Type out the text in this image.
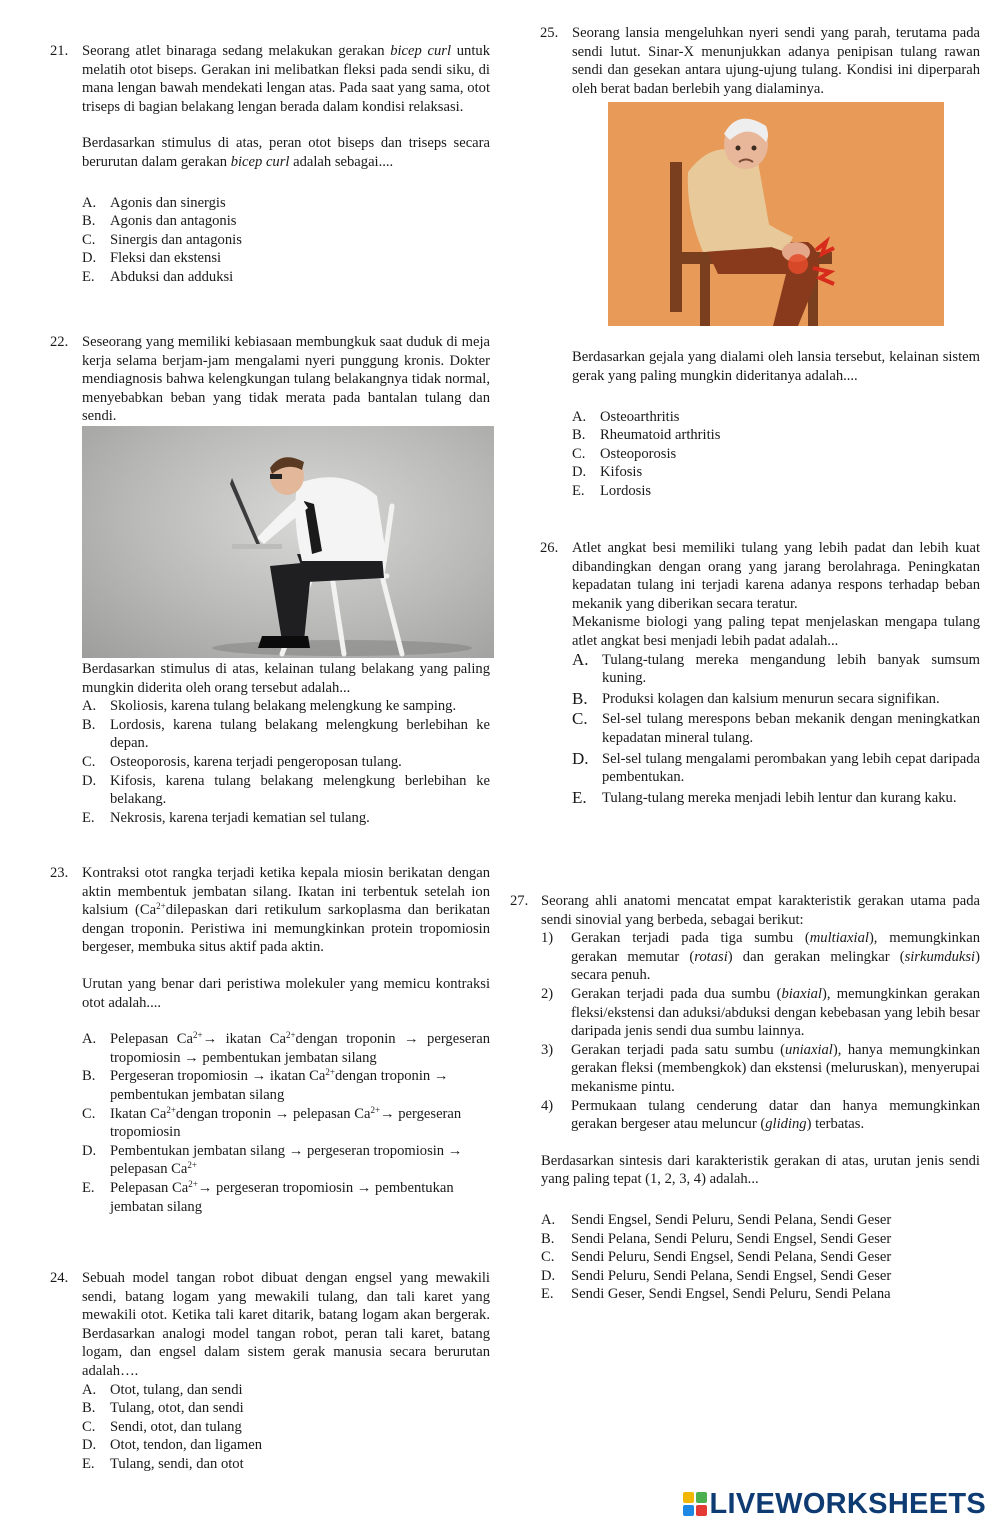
21. Seorang atlet binaraga sedang melakukan gerakan bicep curl untuk melatih otot biseps. Gerakan ini melibatkan fleksi pada sendi siku, di mana lengan bawah mendekati lengan atas. Pada saat yang sama, otot triseps di bagian belakang lengan berada dalam kondisi relaksasi.
Berdasarkan stimulus di atas, peran otot biseps dan triseps secara berurutan dalam gerakan bicep curl adalah sebagai....
A. Agonis dan sinergis
B. Agonis dan antagonis
C. Sinergis dan antagonis
D. Fleksi dan ekstensi
E. Abduksi dan adduksi
22. Seseorang yang memiliki kebiasaan membungkuk saat duduk di meja kerja selama berjam-jam mengalami nyeri punggung kronis. Dokter mendiagnosis bahwa kelengkungan tulang belakangnya tidak normal, menyebabkan beban yang tidak merata pada bantalan tulang dan sendi.
Berdasarkan stimulus di atas, kelainan tulang belakang yang paling mungkin diderita oleh orang tersebut adalah...
A. Skoliosis, karena tulang belakang melengkung ke samping.
B. Lordosis, karena tulang belakang melengkung berlebihan ke depan.
C. Osteoporosis, karena terjadi pengeroposan tulang.
D. Kifosis, karena tulang belakang melengkung berlebihan ke belakang.
E. Nekrosis, karena terjadi kematian sel tulang.
23. Kontraksi otot rangka terjadi ketika kepala miosin berikatan dengan aktin membentuk jembatan silang. Ikatan ini terbentuk setelah ion kalsium ($Ca^{2+}dilepaskan$ dari retikulum sarkoplasma dan berikatan dengan troponin. Peristiwa ini memungkinkan protein tropomiosin bergeser, membuka situs aktif pada aktin.
Urutan yang benar dari peristiwa molekuler yang memicu kontraksi otot adalah....
A. Pelepasan $Ca^{2+}\to ikatan$ $Ca^{2+}dengan$ troponin → pergeseran tropomiosin → pembentukan jembatan silang
B. Pergeseran tropomiosin → ikatan $Ca^{2+}dengan$ troponin → pembentukan jembatan silang
C. Ikatan $Ca^{2+}dengan$ troponin → pelepasan $Ca^{2+}\to$ pergeseran tropomiosin
D. Pembentukan jembatan silang → pergeseran tropomiosin → pelepasan $Ca^{2+}$
E. Pelepasan $Ca^{2+}\to$ pergeseran tropomiosin → pembentukan jembatan silang
24. Sebuah model tangan robot dibuat dengan engsel yang mewakili sendi, batang logam yang mewakili tulang, dan tali karet yang mewakili otot. Ketika tali karet ditarik, batang logam akan bergerak. Berdasarkan analogi model tangan robot, peran tali karet, batang logam, dan engsel dalam sistem gerak manusia secara berurutan adalah….
A. Otot, tulang, dan sendi
B. Tulang, otot, dan sendi
C. Sendi, otot, dan tulang
D. Otot, tendon, dan ligamen
E. Tulang, sendi, dan otot
25. Seorang lansia mengeluhkan nyeri sendi yang parah, terutama pada sendi lutut. Sinar-X menunjukkan adanya penipisan tulang rawan sendi dan gesekan antara ujung-ujung tulang. Kondisi ini diperparah oleh berat badan berlebih yang dialaminya.
Berdasarkan gejala yang dialami oleh lansia tersebut, kelainan sistem gerak yang paling mungkin dideritanya adalah....
A. Osteoarthritis
B. Rheumatoid arthritis
C. Osteoporosis
D. Kifosis
E. Lordosis
26. Atlet angkat besi memiliki tulang yang lebih padat dan lebih kuat dibandingkan dengan orang yang jarang berolahraga. Peningkatan kepadatan tulang ini terjadi karena adanya respons terhadap beban mekanik yang diberikan secara teratur.
Mekanisme biologi yang paling tepat menjelaskan mengapa tulang atlet angkat besi menjadi lebih padat adalah...
A. Tulang-tulang mereka mengandung lebih banyak sumsum kuning.
B. Produksi kolagen dan kalsium menurun secara signifikan.
C. Sel-sel tulang merespons beban mekanik dengan meningkatkan kepadatan mineral tulang.
D. Sel-sel tulang mengalami perombakan yang lebih cepat daripada pembentukan.
E. Tulang-tulang mereka menjadi lebih lentur dan kurang kaku.
27. Seorang ahli anatomi mencatat empat karakteristik gerakan utama pada sendi sinovial yang berbeda, sebagai berikut:
1) Gerakan terjadi pada tiga sumbu (multiaxial), memungkinkan gerakan memutar (rotasi) dan gerakan melingkar (sirkumduksi) secara penuh.
2) Gerakan terjadi pada dua sumbu (biaxial), memungkinkan gerakan fleksi/ekstensi dan aduksi/abduksi dengan kebebasan yang lebih besar daripada jenis sendi dua sumbu lainnya.
3) Gerakan terjadi pada satu sumbu (uniaxial), hanya memungkinkan gerakan fleksi (membengkok) dan ekstensi (meluruskan), menyerupai mekanisme pintu.
4) Permukaan tulang cenderung datar dan hanya memungkinkan gerakan bergeser atau meluncur (gliding) terbatas.
Berdasarkan sintesis dari karakteristik gerakan di atas, urutan jenis sendi yang paling tepat (1, 2, 3, 4) adalah...
A. Sendi Engsel, Sendi Peluru, Sendi Pelana, Sendi Geser
B. Sendi Pelana, Sendi Peluru, Sendi Engsel, Sendi Geser
C. Sendi Peluru, Sendi Engsel, Sendi Pelana, Sendi Geser
D. Sendi Peluru, Sendi Pelana, Sendi Engsel, Sendi Geser
E. Sendi Geser, Sendi Engsel, Sendi Peluru, Sendi Pelana
LIVEWORKSHEETS
